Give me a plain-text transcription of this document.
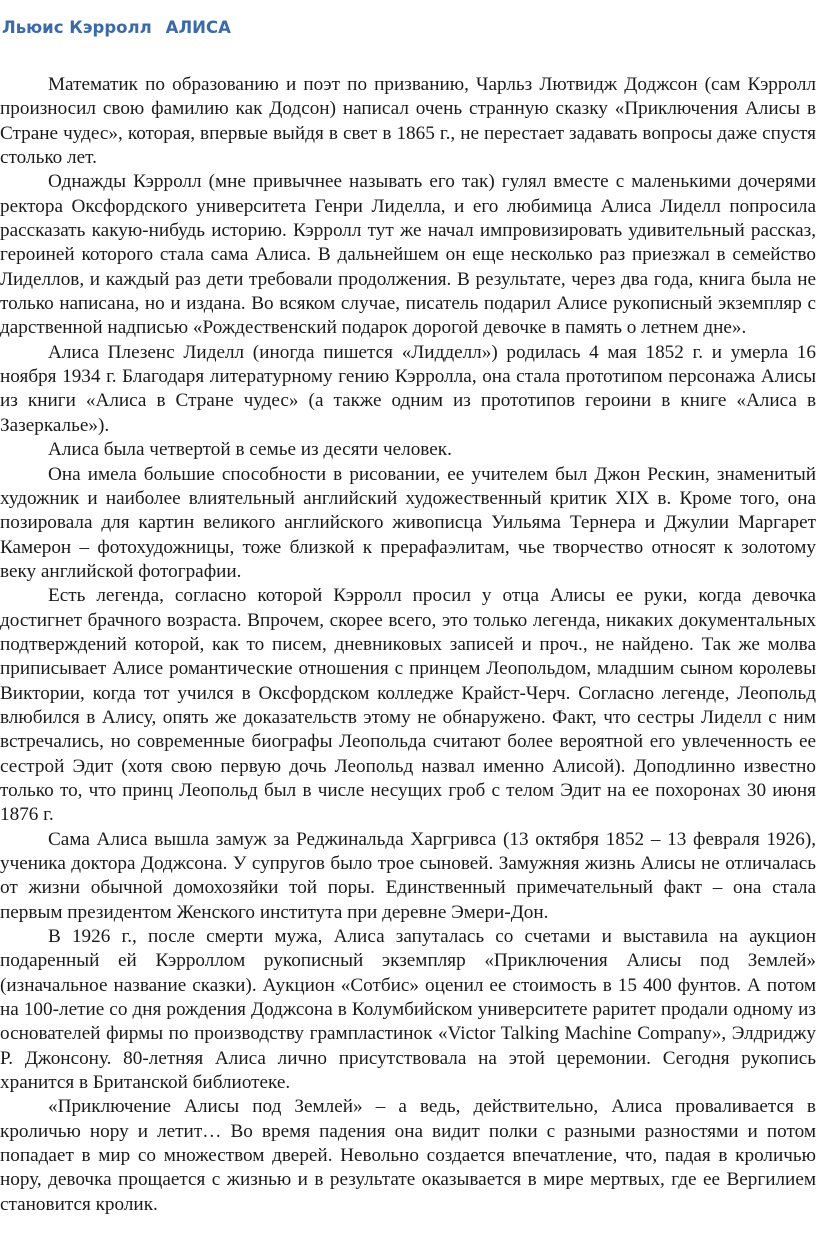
Льюис Кэрролл АЛИСА

Математик по образованию и поэт по призванию, Чарльз Лютвидж Доджсон (сам Кэрролл произносил свою фамилию как Додсон) написал очень странную сказку «Приключения Алисы в Стране чудес», которая, впервые выйдя в свет в 1865 г., не перестает задавать вопросы даже спустя столько лет.

Однажды Кэрролл (мне привычнее называть его так) гулял вместе с маленькими дочерями ректора Оксфордского университета Генри Лиделла, и его любимица Алиса Лиделл попросила рассказать какую-нибудь историю. Кэрролл тут же начал импровизировать удивительный рассказ, героиней которого стала сама Алиса. В дальнейшем он еще несколько раз приезжал в семейство Лиделлов, и каждый раз дети требовали продолжения. В результате, через два года, книга была не только написана, но и издана. Во всяком случае, писатель подарил Алисе рукописный экземпляр с дарственной надписью «Рождественский подарок дорогой девочке в память о летнем дне».

Алиса Плезенс Лиделл (иногда пишется «Лидделл») родилась 4 мая 1852 г. и умерла 16 ноября 1934 г. Благодаря литературному гению Кэрролла, она стала прототипом персонажа Алисы из книги «Алиса в Стране чудес» (а также одним из прототипов героини в книге «Алиса в Зазеркалье»).

Алиса была четвертой в семье из десяти человек.

Она имела большие способности в рисовании, ее учителем был Джон Рескин, знаменитый художник и наиболее влиятельный английский художественный критик XIX в. Кроме того, она позировала для картин великого английского живописца Уильяма Тернера и Джулии Маргарет Камерон – фотохудожницы, тоже близкой к прерафаэлитам, чье творчество относят к золотому веку английской фотографии.

Есть легенда, согласно которой Кэрролл просил у отца Алисы ее руки, когда девочка достигнет брачного возраста. Впрочем, скорее всего, это только легенда, никаких документальных подтверждений которой, как то писем, дневниковых записей и проч., не найдено. Так же молва приписывает Алисе романтические отношения с принцем Леопольдом, младшим сыном королевы Виктории, когда тот учился в Оксфордском колледже Крайст-Черч. Согласно легенде, Леопольд влюбился в Алису, опять же доказательств этому не обнаружено. Факт, что сестры Лиделл с ним встречались, но современные биографы Леопольда считают более вероятной его увлеченность ее сестрой Эдит (хотя свою первую дочь Леопольд назвал именно Алисой). Доподлинно известно только то, что принц Леопольд был в числе несущих гроб с телом Эдит на ее похоронах 30 июня 1876 г.

Сама Алиса вышла замуж за Реджинальда Харгривса (13 октября 1852 – 13 февраля 1926), ученика доктора Доджсона. У супругов было трое сыновей. Замужняя жизнь Алисы не отличалась от жизни обычной домохозяйки той поры. Единственный примечательный факт – она стала первым президентом Женского института при деревне Эмери-Дон.

В 1926 г., после смерти мужа, Алиса запуталась со счетами и выставила на аукцион подаренный ей Кэрроллом рукописный экземпляр «Приключения Алисы под Землей» (изначальное название сказки). Аукцион «Сотбис» оценил ее стоимость в 15 400 фунтов. А потом на 100-летие со дня рождения Доджсона в Колумбийском университете раритет продали одному из основателей фирмы по производству грампластинок «Victor Talking Machine Company», Элдриджу Р. Джонсону. 80-летняя Алиса лично присутствовала на этой церемонии. Сегодня рукопись хранится в Британской библиотеке.

«Приключение Алисы под Землей» – а ведь, действительно, Алиса проваливается в кроличью нору и летит… Во время падения она видит полки с разными разностями и потом попадает в мир со множеством дверей. Невольно создается впечатление, что, падая в кроличью нору, девочка прощается с жизнью и в результате оказывается в мире мертвых, где ее Вергилием становится кролик.
